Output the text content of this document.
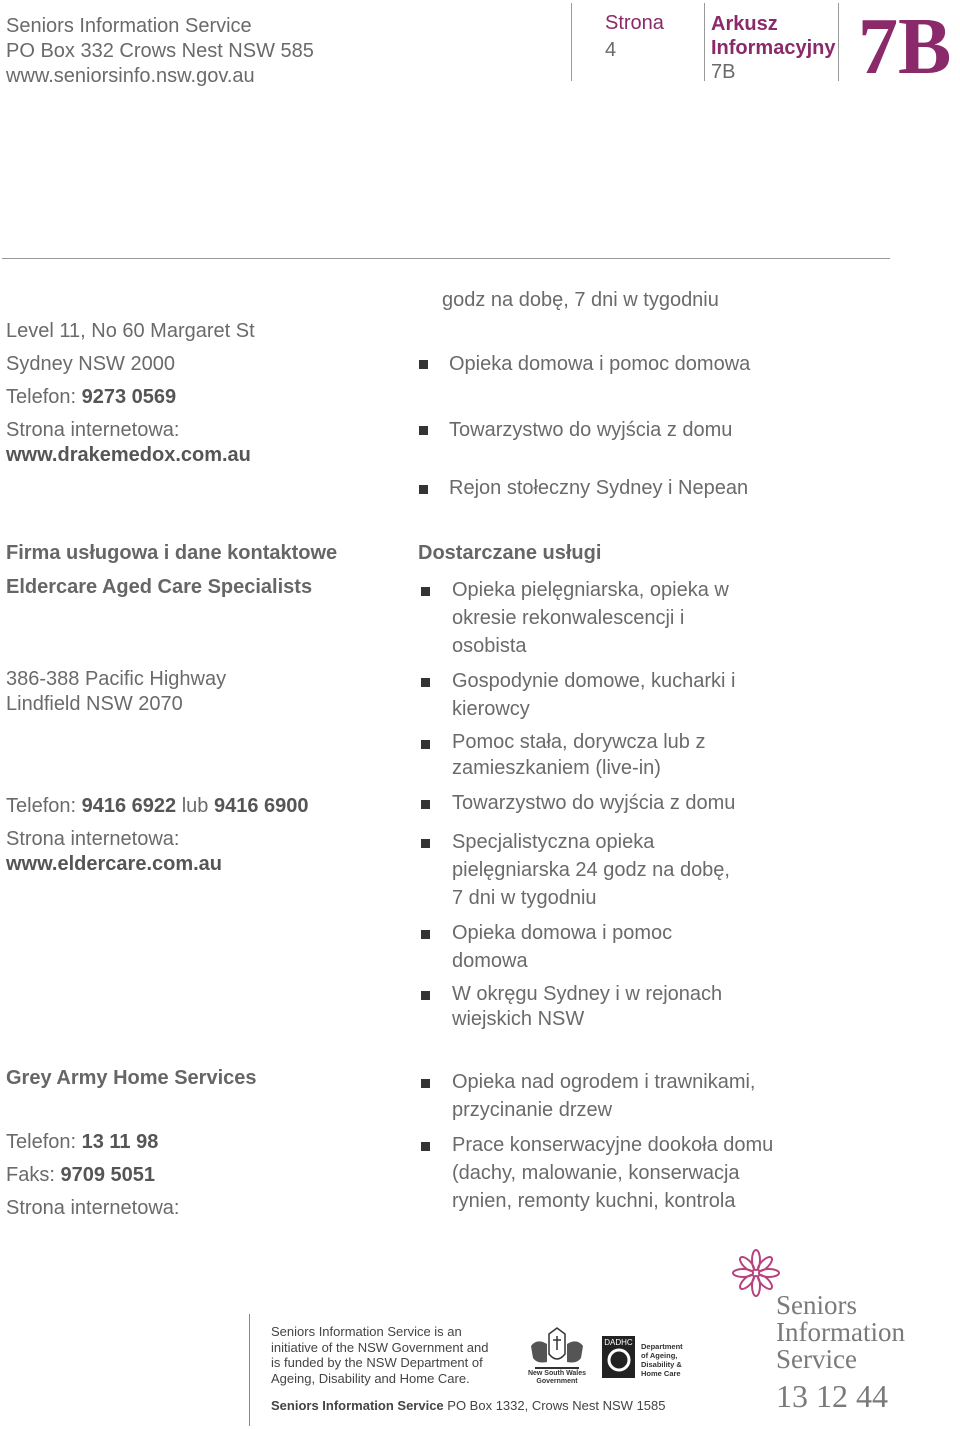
Seniors Information Service
PO Box 332 Crows Nest NSW 585
www.seniorsinfo.nsw.gov.au
Strona
4
Arkusz
Informacyjny
7B	7B
Level 11, No 60 Margaret St
Sydney NSW 2000
Telefon: 9273 0569
Strona internetowa:
www.drakemedox.com.au
godz na dobę, 7 dni w tygodniu
Opieka domowa i pomoc domowa
Towarzystwo do wyjścia z domu
Rejon stołeczny Sydney i Nepean
Firma usługowa i dane kontaktowe
Eldercare Aged Care Specialists
386-388 Pacific Highway
Lindfield NSW 2070
Telefon: 9416 6922 lub 9416 6900
Strona internetowa:
www.eldercare.com.au
Dostarczane usługi
Opieka pielęgniarska, opieka w
okresie rekonwalescencji i
osobista
Gospodynie domowe, kucharki i
kierowcy
Pomoc stała, dorywcza lub z
zamieszkaniem (live-in)
Towarzystwo do wyjścia z domu
Specjalistyczna opieka
pielęgniarska 24 godz na dobę,
7 dni w tygodniu
Opieka domowa i pomoc
domowa
W okręgu Sydney i w rejonach
wiejskich NSW
Grey Army Home Services
Telefon: 13 11 98
Faks: 9709 5051
Strona internetowa:
Opieka nad ogrodem i trawnikami,
przycinanie drzew
Prace konserwacyjne dookoła domu
(dachy, malowanie, konserwacja
rynien, remonty kuchni, kontrola
Seniors Information Service is an
initiative of the NSW Government and
is funded by the NSW Department of
Ageing, Disability and Home Care.
Seniors Information Service PO Box 1332, Crows Nest NSW 1585
New South Wales Government
DADHC	Department
of Ageing,
Disability &
Home Care
Seniors
Information
Service
13 12 44
